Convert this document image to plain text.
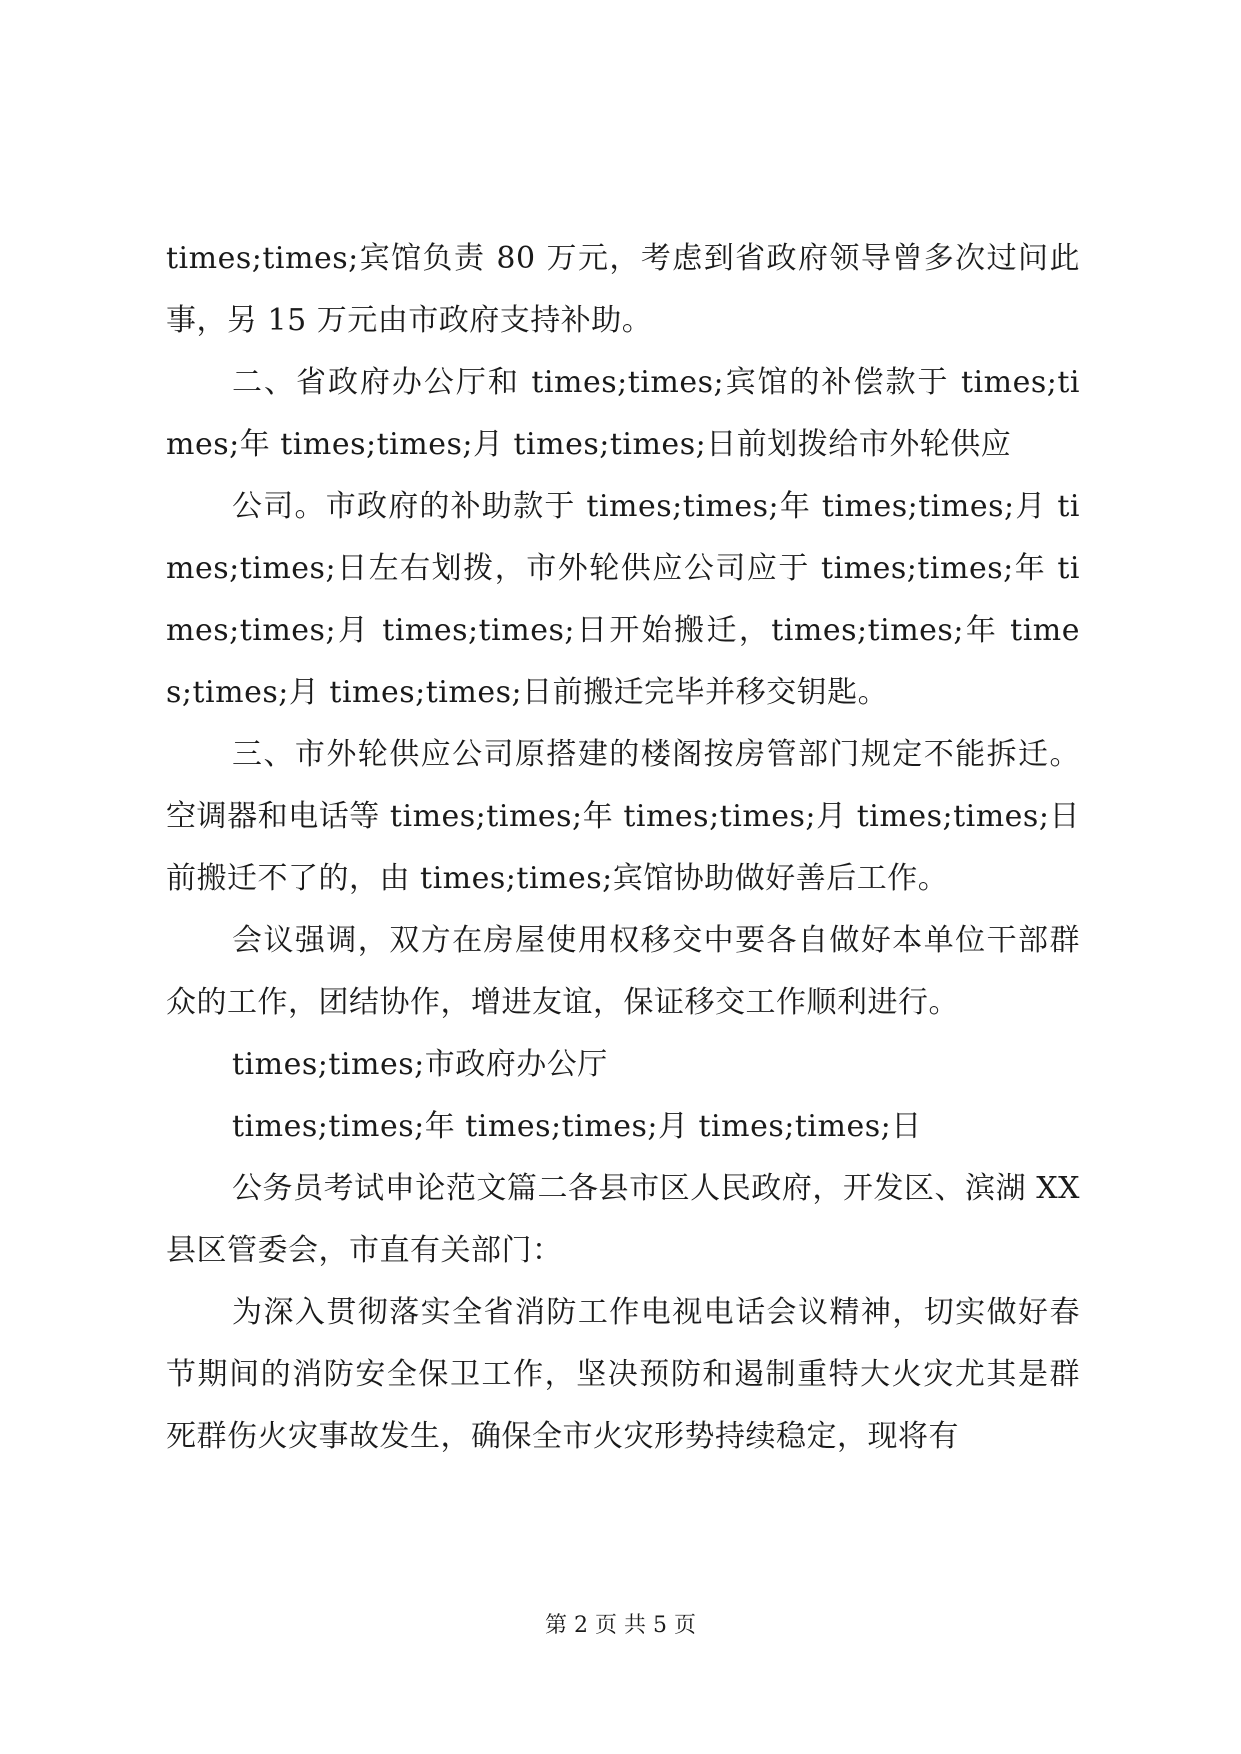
times;times;宾馆负责 80 万元，考虑到省政府领导曾多次过问此事，另 15 万元由市政府支持补助。

二、省政府办公厅和 times;times;宾馆的补偿款于 times;times;年 times;times;月 times;times;日前划拨给市外轮供应

公司。市政府的补助款于 times;times;年 times;times;月 times;times;日左右划拨，市外轮供应公司应于 times;times;年 times;times;月 times;times;日开始搬迁，times;times;年 times;times;月 times;times;日前搬迁完毕并移交钥匙。

三、市外轮供应公司原搭建的楼阁按房管部门规定不能拆迁。空调器和电话等 times;times;年 times;times;月 times;times;日前搬迁不了的，由 times;times;宾馆协助做好善后工作。

会议强调，双方在房屋使用权移交中要各自做好本单位干部群众的工作，团结协作，增进友谊，保证移交工作顺利进行。

times;times;市政府办公厅

times;times;年 times;times;月 times;times;日

公务员考试申论范文篇二各县市区人民政府，开发区、滨湖 XX 县区管委会，市直有关部门：

为深入贯彻落实全省消防工作电视电话会议精神，切实做好春节期间的消防安全保卫工作，坚决预防和遏制重特大火灾尤其是群死群伤火灾事故发生，确保全市火灾形势持续稳定，现将有

第 2 页 共 5 页
